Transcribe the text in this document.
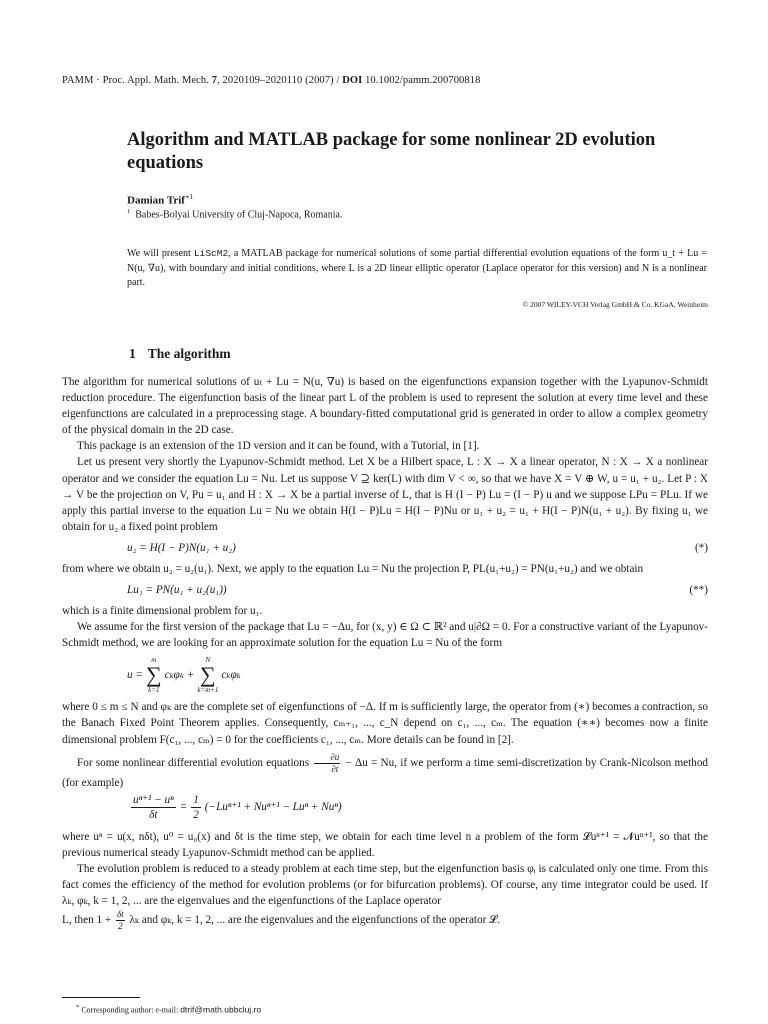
PAMM · Proc. Appl. Math. Mech. 7, 2020109–2020110 (2007) / DOI 10.1002/pamm.200700818
Algorithm and MATLAB package for some nonlinear 2D evolution equations
Damian Trif$^{∗1}$
$^1$ Babes-Bolyai University of Cluj-Napoca, Romania.
We will present LiScM2, a MATLAB package for numerical solutions of some partial differential evolution equations of the form u_t + Lu = N(u, ∇u), with boundary and initial conditions, where L is a 2D linear elliptic operator (Laplace operator for this version) and N is a nonlinear part.
© 2007 WILEY-VCH Verlag GmbH & Co. KGaA, Weinheim
1 The algorithm

The algorithm for numerical solutions of uₜ + Lu = N(u, ∇u) is based on the eigenfunctions expansion together with the Lyapunov-Schmidt reduction procedure. The eigenfunction basis of the linear part L of the problem is used to represent the solution at every time level and these eigenfunctions are calculated in a preprocessing stage. A boundary-fitted computational grid is generated in order to allow a complex geometry of the physical domain in the 2D case.

This package is an extension of the 1D version and it can be found, with a Tutorial, in [1].

Let us present very shortly the Lyapunov-Schmidt method. Let X be a Hilbert space, L : X → X a linear operator, N : X → X a nonlinear operator and we consider the equation Lu = Nu. Let us suppose V ⊇ ker(L) with dim V < ∞, so that we have X = V ⊕ W, u = u₁ + u₂. Let P : X → V be the projection on V, Pu = u₁ and H : X → X be a partial inverse of L, that is H (I − P) Lu = (I − P) u and we suppose LPu = PLu. If we apply this partial inverse to the equation Lu = Nu we obtain H(I − P)Lu = H(I − P)Nu or u₁ + u₂ = u₁ + H(I − P)N(u₁ + u₂). By fixing u₁ we obtain for u₂ a fixed point problem

u₂ = H(I − P)N(u₁ + u₂)	(*)

from where we obtain u₂ = u₂(u₁). Next, we apply to the equation Lu = Nu the projection P, PL(u₁+u₂) = PN(u₁+u₂) and we obtain

Lu₁ = PN(u₁ + u₂(u₁))	(**)

which is a finite dimensional problem for u₁.

We assume for the first version of the package that Lu = −Δu, for (x, y) ∈ Ω ⊂ ℝ² and u|∂Ω = 0. For a constructive variant of the Lyapunov-Schmidt method, we are looking for an approximate solution for the equation Lu = Nu of the form

u =
m
∑
k=1
cₖφₖ +
N
∑
k=m+1
cₖφₖ

where 0 ≤ m ≤ N and φₖ are the complete set of eigenfunctions of −Δ. If m is sufficiently large, the operator from (∗) becomes a contraction, so the Banach Fixed Point Theorem applies. Consequently, cₘ₊₁, ..., c_N depend on c₁, ..., cₘ. The equation (∗∗) becomes now a finite dimensional problem F(c₁, ..., cₘ) = 0 for the coefficients c₁, ..., cₘ. More details can be found in [2].

For some nonlinear differential evolution equations $\frac{\partial u}{\partial t} - \Delta u = Nu$, if we perform a time semi-discretization by Crank-Nicolson method (for example)

$\frac{\text{uⁿ⁺¹ − uⁿ}}{\delta t} = \frac{1}{2} (-Lu^{n+1} + Nu^{n+1} - Lu^n + Nu^n)$

where uⁿ = u(x, nδt), u⁰ = u₀(x) and δt is the time step, we obtain for each time level n a problem of the form 𝓛uⁿ⁺¹ = 𝓝uⁿ⁺¹, so that the previous numerical steady Lyapunov-Schmidt method can be applied.

The evolution problem is reduced to a steady problem at each time step, but the eigenfunction basis φᵢ is calculated only one time. From this fact comes the efficiency of the method for evolution problems (or for bifurcation problems). Of course, any time integrator could be used. If λₖ, φₖ, k = 1, 2, ... are the eigenvalues and the eigenfunctions of the Laplace operator

L, then $1 + \frac{\delta t}{2}$ λₖ and φₖ, k = 1, 2, ... are the eigenvalues and the eigenfunctions of the operator 𝓛.

* Corresponding author: e-mail: dtrif@math.ubbcluj.ro
